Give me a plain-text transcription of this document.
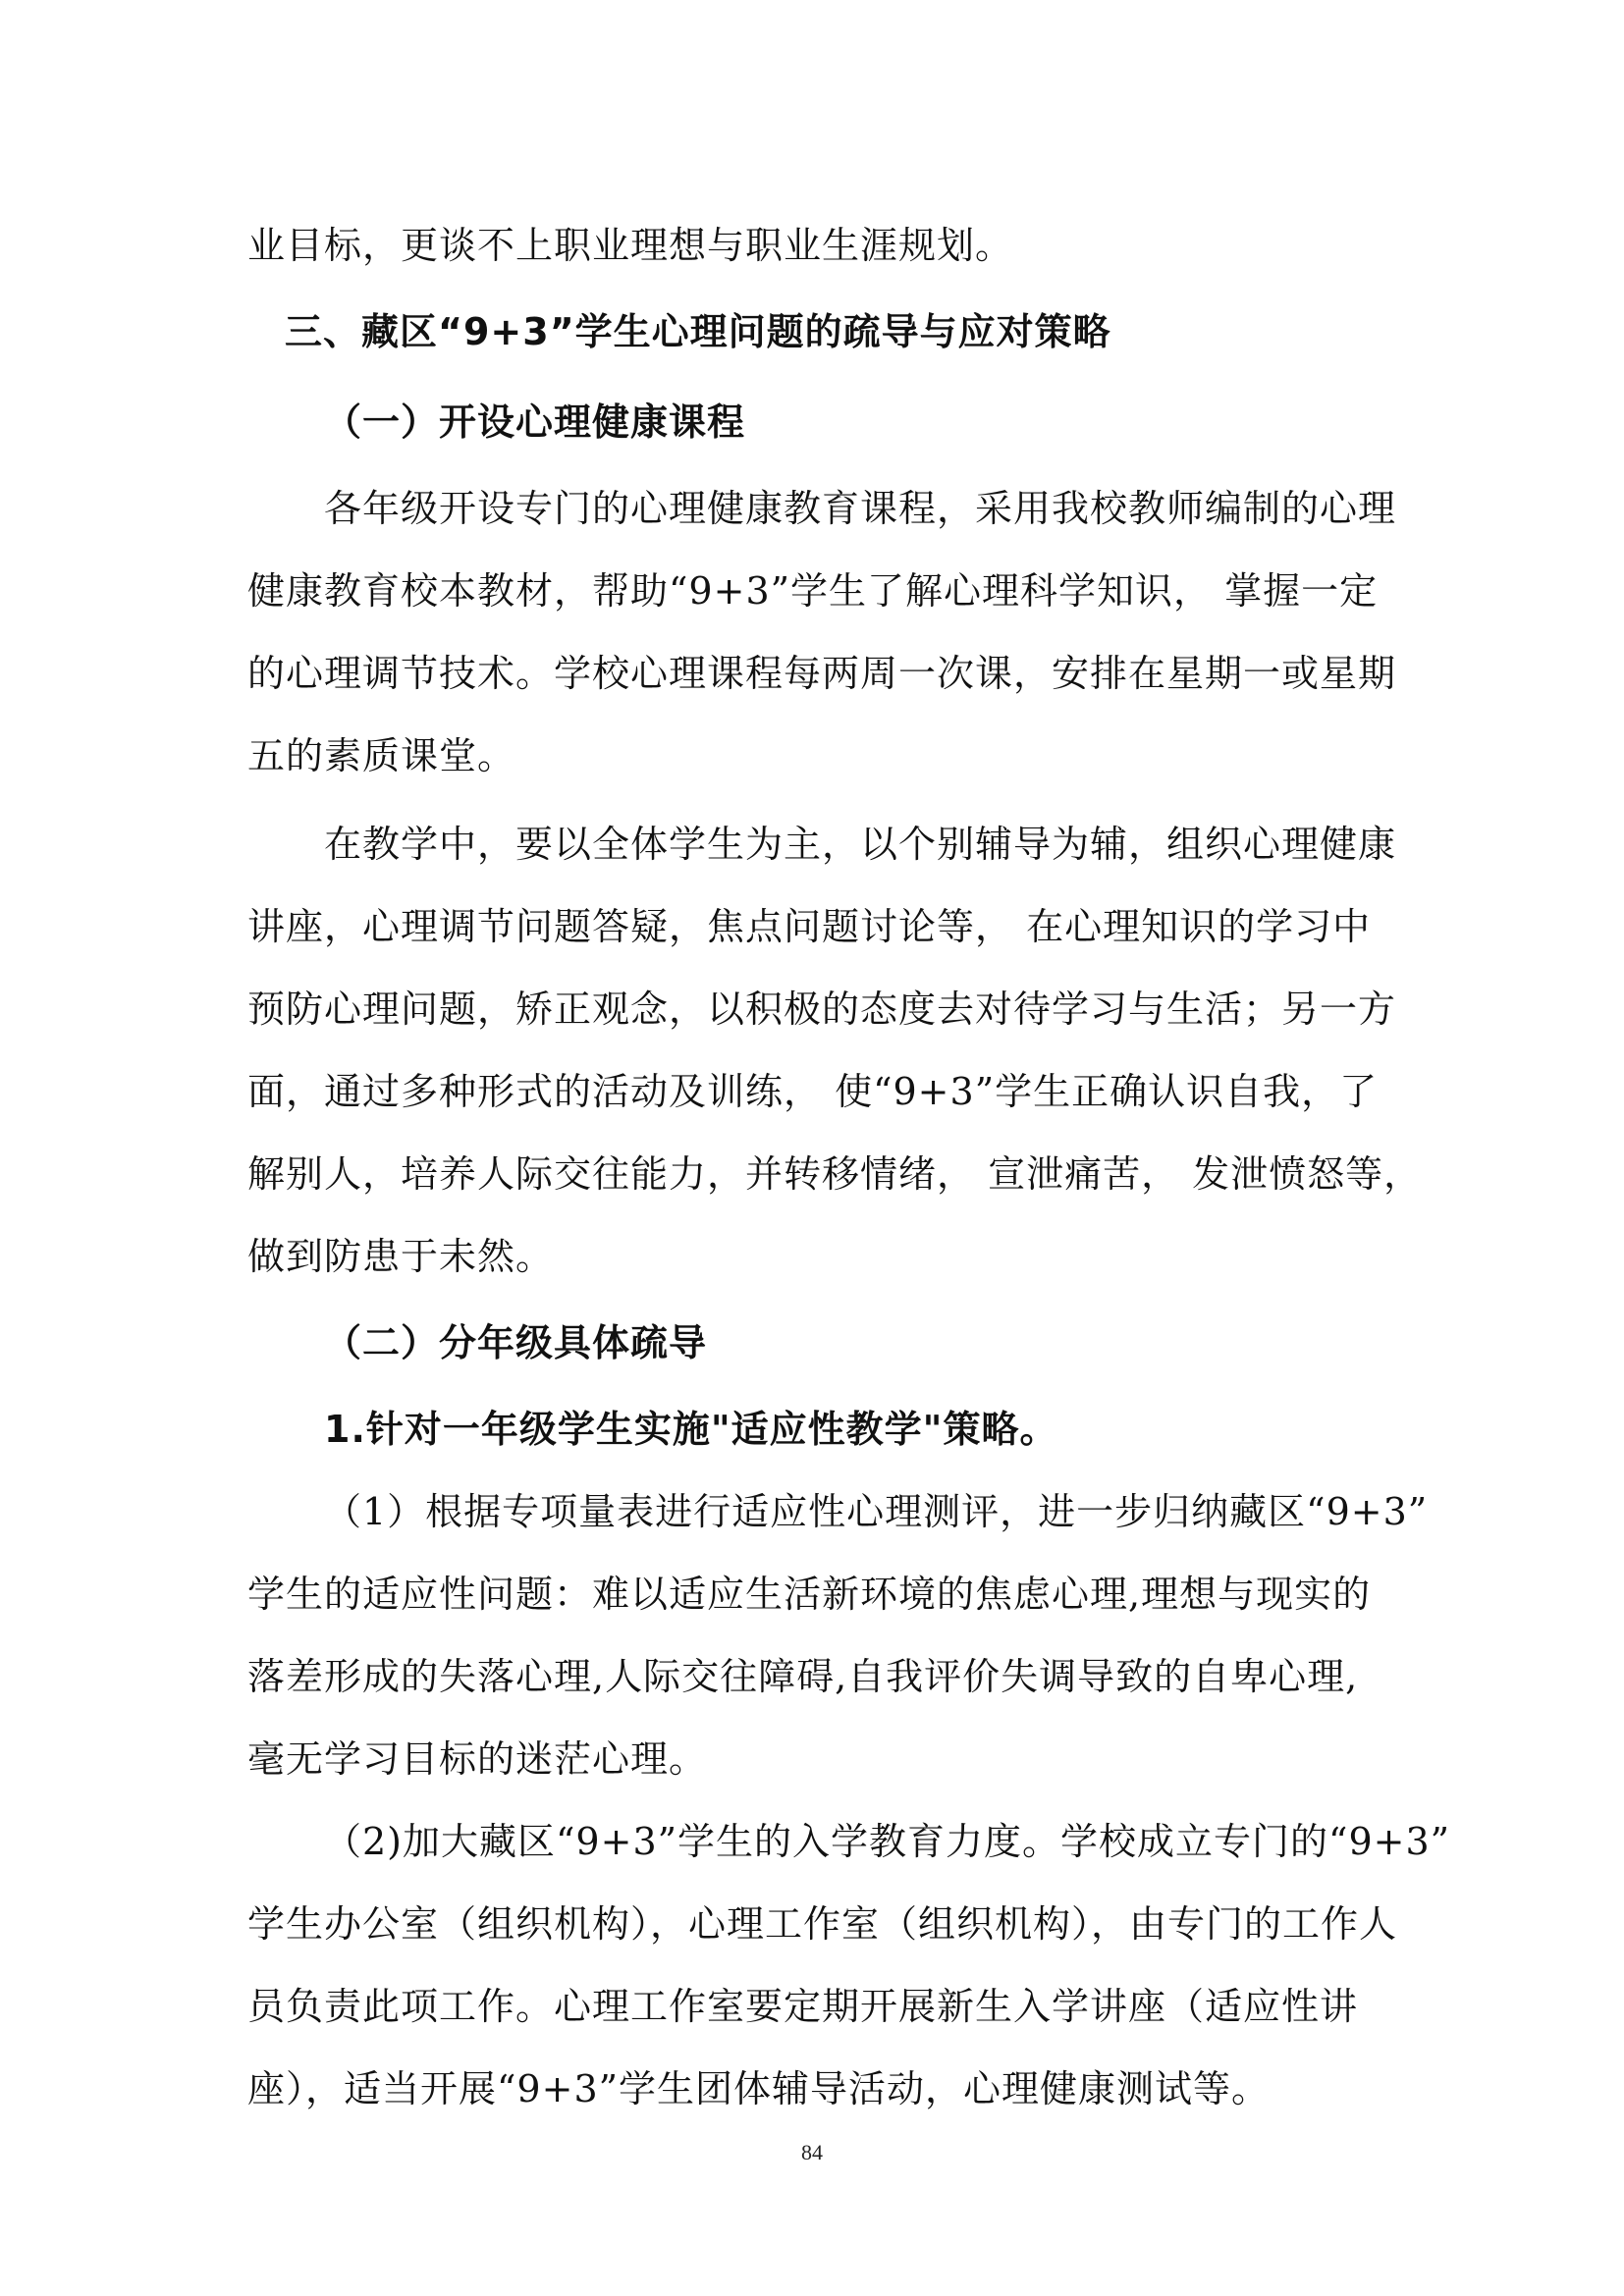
业目标，更谈不上职业理想与职业生涯规划。
三、藏区“9+3”学生心理问题的疏导与应对策略
（一）开设心理健康课程
各年级开设专门的心理健康教育课程，采用我校教师编制的心理
健康教育校本教材，帮助“9+3”学生了解心理科学知识， 掌握一定
的心理调节技术。学校心理课程每两周一次课，安排在星期一或星期
五的素质课堂。
在教学中，要以全体学生为主，以个别辅导为辅，组织心理健康
讲座，心理调节问题答疑，焦点问题讨论等， 在心理知识的学习中
预防心理问题，矫正观念，以积极的态度去对待学习与生活；另一方
面，通过多种形式的活动及训练， 使“9+3”学生正确认识自我，了
解别人，培养人际交往能力，并转移情绪， 宣泄痛苦， 发泄愤怒等，
做到防患于未然。
（二）分年级具体疏导
1.针对一年级学生实施"适应性教学"策略。
（1）根据专项量表进行适应性心理测评，进一步归纳藏区“9+3”
学生的适应性问题：难以适应生活新环境的焦虑心理,理想与现实的
落差形成的失落心理,人际交往障碍,自我评价失调导致的自卑心理,
毫无学习目标的迷茫心理。
（2)加大藏区“9+3”学生的入学教育力度。学校成立专门的“9+3”
学生办公室（组织机构），心理工作室（组织机构），由专门的工作人
员负责此项工作。心理工作室要定期开展新生入学讲座（适应性讲
座），适当开展“9+3”学生团体辅导活动，心理健康测试等。
84
